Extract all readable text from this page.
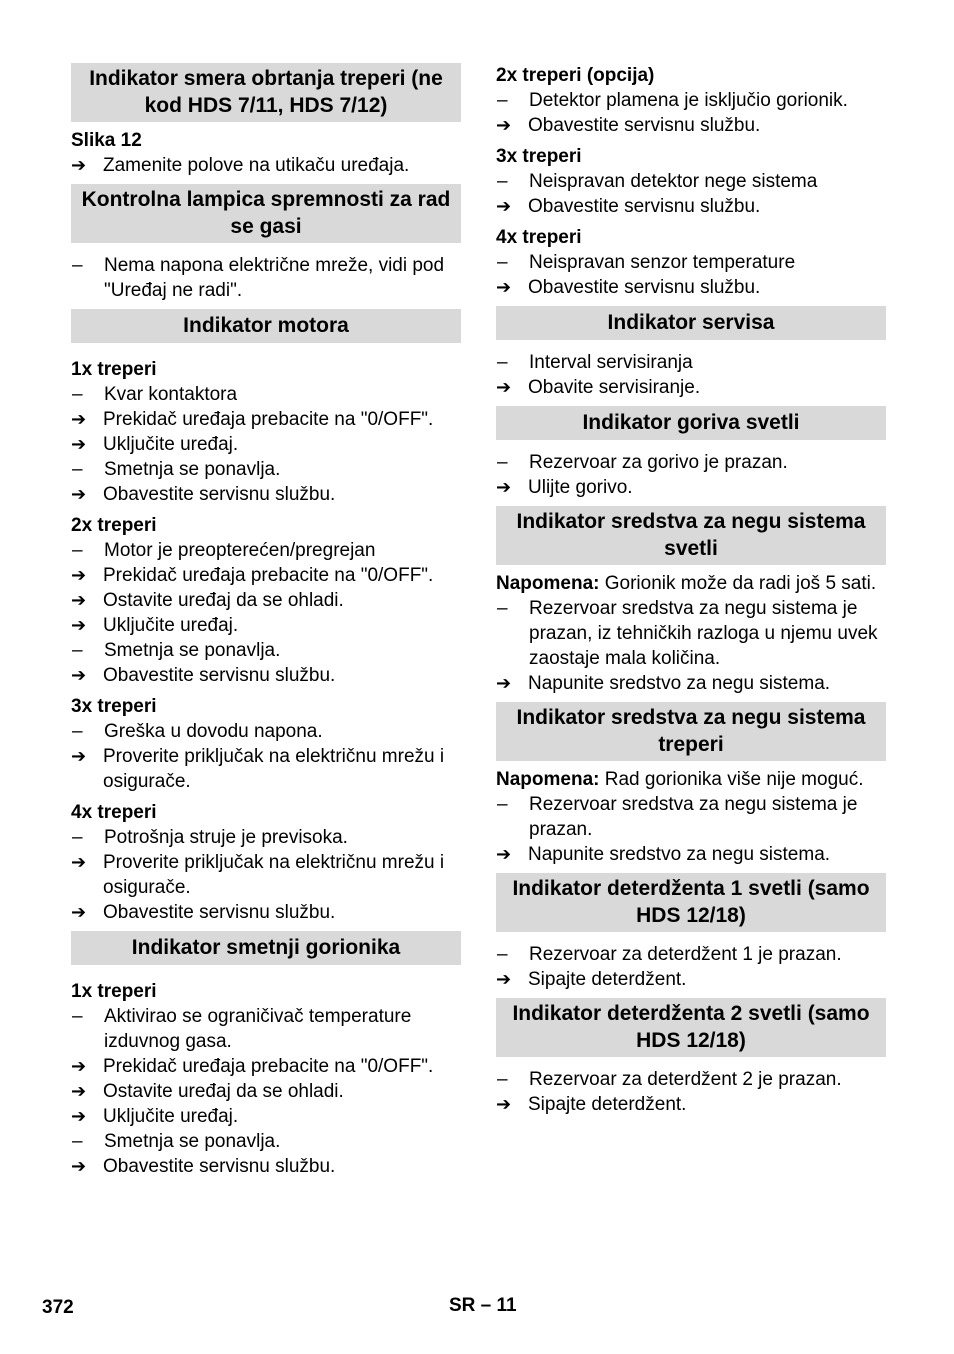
Indikator smera obrtanja treperi (ne kod HDS 7/11, HDS 7/12)
Slika 12
➔ Zamenite polove na utikaču uređaja.
Kontrolna lampica spremnosti za rad se gasi
–	Nema napona električne mreže, vidi pod "Uređaj ne radi".
Indikator motora
1x treperi
–	Kvar kontaktora
➔ Prekidač uređaja prebacite na "0/OFF".
➔ Uključite uređaj.
–	Smetnja se ponavlja.
➔ Obavestite servisnu službu.
2x treperi
–	Motor je preopterećen/pregrejan
➔ Prekidač uređaja prebacite na "0/OFF".
➔ Ostavite uređaj da se ohladi.
➔ Uključite uređaj.
–	Smetnja se ponavlja.
➔ Obavestite servisnu službu.
3x treperi
–	Greška u dovodu napona.
➔ Proverite priključak na električnu mrežu i osigurače.
4x treperi
–	Potrošnja struje je previsoka.
➔ Proverite priključak na električnu mrežu i osigurače.
➔ Obavestite servisnu službu.
Indikator smetnji gorionika
1x treperi
–	Aktivirao se ograničivač temperature izduvnog gasa.
➔ Prekidač uređaja prebacite na "0/OFF".
➔ Ostavite uređaj da se ohladi.
➔ Uključite uređaj.
–	Smetnja se ponavlja.
➔ Obavestite servisnu službu.
2x treperi (opcija)
–	Detektor plamena je isključio gorionik.
➔ Obavestite servisnu službu.
3x treperi
–	Neispravan detektor nege sistema
➔ Obavestite servisnu službu.
4x treperi
–	Neispravan senzor temperature
➔ Obavestite servisnu službu.
Indikator servisa
–	Interval servisiranja
➔ Obavite servisiranje.
Indikator goriva svetli
–	Rezervoar za gorivo je prazan.
➔ Ulijte gorivo.
Indikator sredstva za negu sistema svetli
Napomena: Gorionik može da radi još 5 sati.
–	Rezervoar sredstva za negu sistema je prazan, iz tehničkih razloga u njemu uvek zaostaje mala količina.
➔ Napunite sredstvo za negu sistema.
Indikator sredstva za negu sistema treperi
Napomena: Rad gorionika više nije moguć.
–	Rezervoar sredstva za negu sistema je prazan.
➔ Napunite sredstvo za negu sistema.
Indikator deterdženta 1 svetli (samo HDS 12/18)
–	Rezervoar za deterdžent 1 je prazan.
➔ Sipajte deterdžent.
Indikator deterdženta 2 svetli (samo HDS 12/18)
–	Rezervoar za deterdžent 2 je prazan.
➔ Sipajte deterdžent.
372	SR – 11
